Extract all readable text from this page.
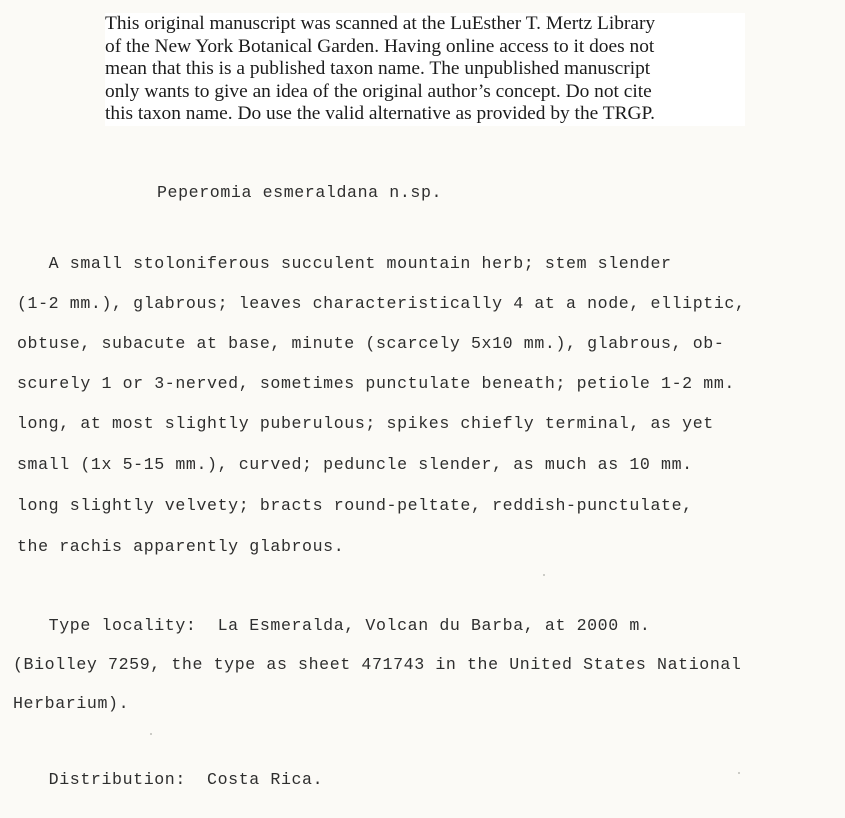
This original manuscript was scanned at the LuEsther T. Mertz Library
of the New York Botanical Garden. Having online access to it does not
mean that this is a published taxon name. The unpublished manuscript
only wants to give an idea of the original author’s concept. Do not cite
this taxon name. Do use the valid alternative as provided by the TRGP.
Peperomia esmeraldana n.sp.
A small stoloniferous succulent mountain herb; stem slender
(1-2 mm.), glabrous; leaves characteristically 4 at a node, elliptic,
obtuse, subacute at base, minute (scarcely 5x10 mm.), glabrous, ob-
scurely 1 or 3-nerved, sometimes punctulate beneath; petiole 1-2 mm.
long, at most slightly puberulous; spikes chiefly terminal, as yet
small (1x 5-15 mm.), curved; peduncle slender, as much as 10 mm.
long slightly velvety; bracts round-peltate, reddish-punctulate,
the rachis apparently glabrous.
Type locality:  La Esmeralda, Volcan du Barba, at 2000 m.
(Biolley 7259, the type as sheet 471743 in the United States National
Herbarium).
Distribution:  Costa Rica.
